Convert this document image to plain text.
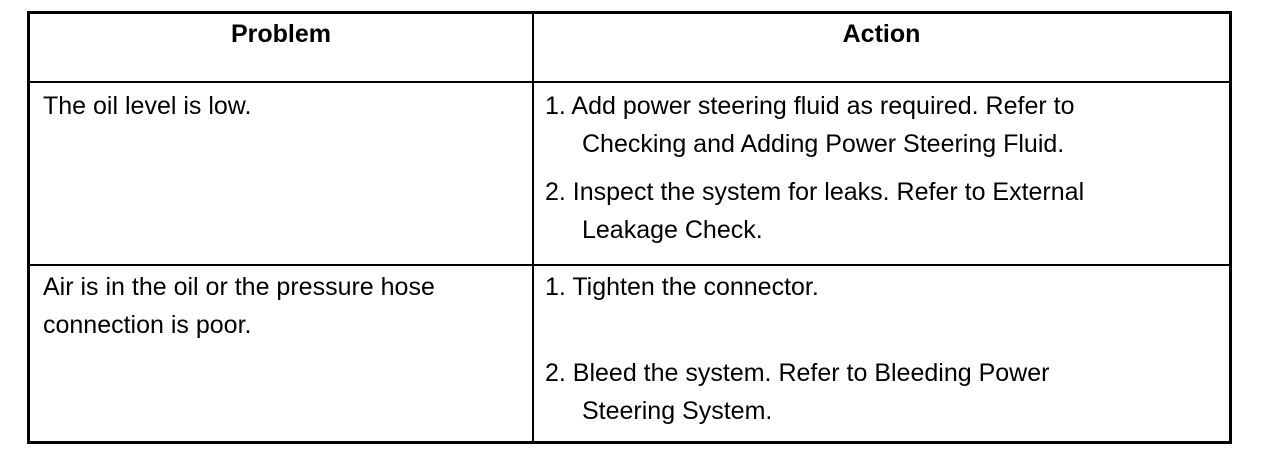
Problem	Action
The oil level is low.	1. Add power steering fluid as required. Refer to
Checking and Adding Power Steering Fluid.
2. Inspect the system for leaks. Refer to External
Leakage Check.
Air is in the oil or the pressure hose
connection is poor.
1. Tighten the connector.
2. Bleed the system. Refer to Bleeding Power
Steering System.
